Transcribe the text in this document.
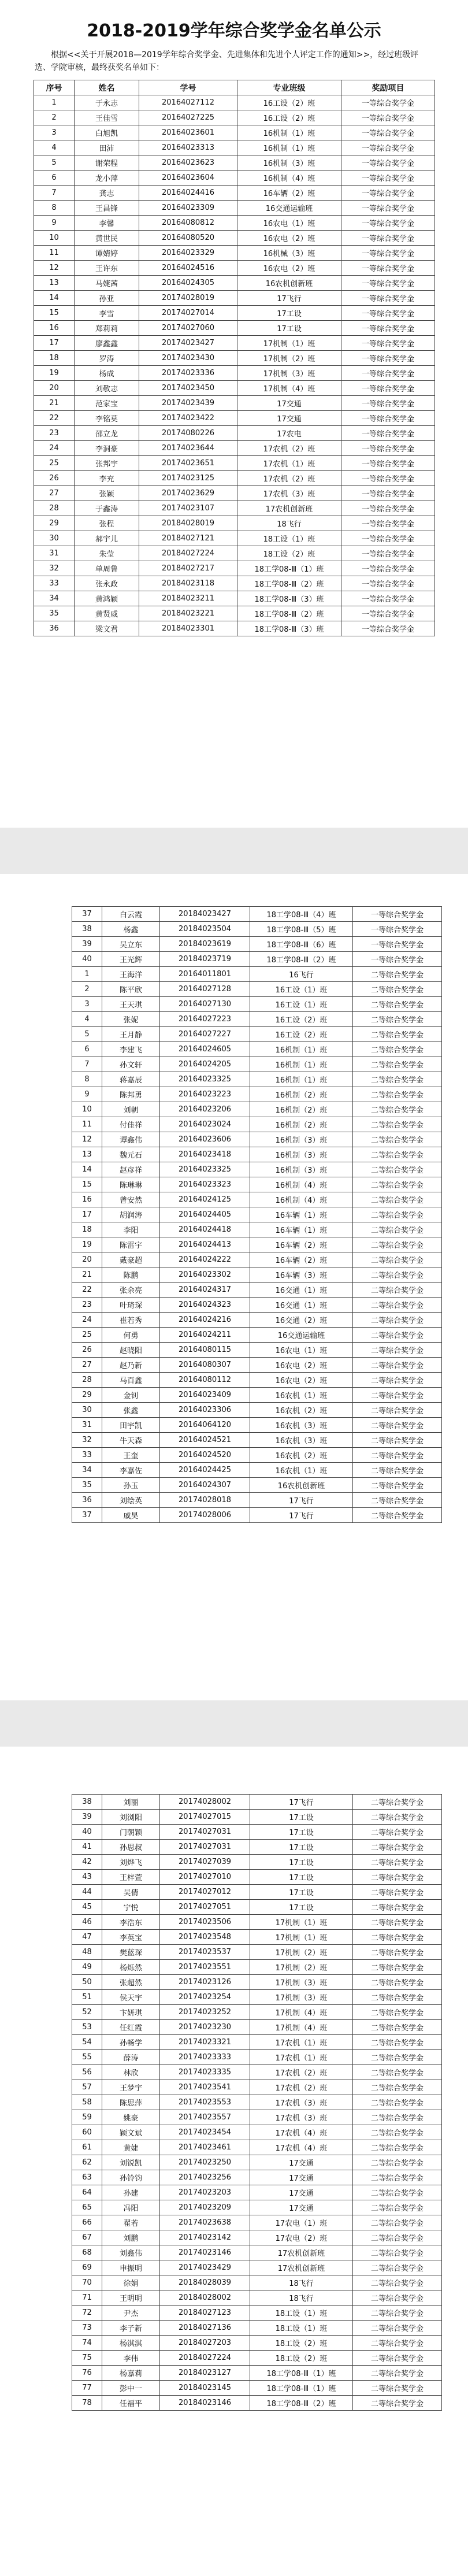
2018-2019学年综合奖学金名单公示

根据<<关于开展2018—2019学年综合奖学金、先进集体和先进个人评定工作的通知>>，经过班级评选、学院审核，最终获奖名单如下：

序号	姓名	学号	专业班级	奖励项目
1	于永志	20164027112	16工设（2）班	一等综合奖学金
2	王佳雪	20164027225	16工设（2）班	一等综合奖学金
3	白旭凯	20164023601	16机制（1）班	一等综合奖学金
4	田沛	20164023313	16机制（1）班	一等综合奖学金
5	谢荣程	20164023623	16机制（3）班	一等综合奖学金
6	龙小萍	20164023604	16机制（4）班	一等综合奖学金
7	龚志	20164024416	16车辆（2）班	一等综合奖学金
8	王昌锋	20164023309	16交通运输班	一等综合奖学金
9	李馨	20164080812	16农电（1）班	一等综合奖学金
10	黄世民	20164080520	16农电（2）班	一等综合奖学金
11	谭婧婷	20164023329	16机械（3）班	一等综合奖学金
12	王许东	20164024516	16农电（2）班	一等综合奖学金
13	马婕茜	20164024305	16农机创新班	一等综合奖学金
14	孙亚	20174028019	17飞行	一等综合奖学金
15	李雪	20174027014	17工设	一等综合奖学金
16	郑莉莉	20174027060	17工设	一等综合奖学金
17	廖鑫鑫	20174023427	17机制（1）班	一等综合奖学金
18	罗涛	20174023430	17机制（2）班	一等综合奖学金
19	杨成	20174023336	17机制（3）班	一等综合奖学金
20	刘敬志	20174023450	17机制（4）班	一等综合奖学金
21	范家宝	20174023439	17交通	一等综合奖学金
22	李铭莫	20174023422	17交通	一等综合奖学金
23	邵立龙	20174080226	17农电	一等综合奖学金
24	李洞豪	20174023644	17农机（2）班	一等综合奖学金
25	张邦宇	20174023651	17农机（1）班	一等综合奖学金
26	李充	20174023125	17农机（2）班	一等综合奖学金
27	张颖	20174023629	17农机（3）班	一等综合奖学金
28	于鑫涛	20174023107	17农机创新班	一等综合奖学金
29	张程	20184028019	18飞行	一等综合奖学金
30	郝宇儿	20184027121	18工设（1）班	一等综合奖学金
31	朱莹	20184027224	18工设（2）班	一等综合奖学金
32	单周鲁	20184027217	18工学08-Ⅲ（1）班	一等综合奖学金
33	张永政	20184023118	18工学08-Ⅲ（2）班	一等综合奖学金
34	黄鸿颖	20184023211	18工学08-Ⅲ（3）班	一等综合奖学金
35	黄贤威	20184023221	18工学08-Ⅲ（2）班	一等综合奖学金
36	梁文君	20184023301	18工学08-Ⅲ（3）班	一等综合奖学金
37	白云霞	20184023427	18工学08-Ⅲ（4）班	一等综合奖学金
38	杨鑫	20184023504	18工学08-Ⅲ（5）班	一等综合奖学金
39	吴立东	20184023619	18工学08-Ⅲ（6）班	一等综合奖学金
40	王光辉	20184023719	18工学08-Ⅲ（2）班	一等综合奖学金
1	王海洋	20164011801	16飞行	二等综合奖学金
2	陈平欣	20164027128	16工设（1）班	二等综合奖学金
3	王天琪	20164027130	16工设（1）班	二等综合奖学金
4	张妮	20164027223	16工设（2）班	二等综合奖学金
5	王月静	20164027227	16工设（2）班	二等综合奖学金
6	李建飞	20164024605	16机制（1）班	二等综合奖学金
7	孙文轩	20164024205	16机制（1）班	二等综合奖学金
8	蒋嘉辰	20164023325	16机制（1）班	二等综合奖学金
9	陈邦勇	20164023223	16机制（2）班	二等综合奖学金
10	刘朝	20164023206	16机制（2）班	二等综合奖学金
11	付佳祥	20164023024	16机制（2）班	二等综合奖学金
12	谭鑫伟	20164023606	16机制（3）班	二等综合奖学金
13	魏元石	20164023418	16机制（3）班	二等综合奖学金
14	赵彦祥	20164023325	16机制（3）班	二等综合奖学金
15	陈琳琳	20164023323	16机制（4）班	二等综合奖学金
16	曾安然	20164024125	16机制（4）班	二等综合奖学金
17	胡润涛	20164024405	16车辆（1）班	二等综合奖学金
18	李阳	20164024418	16车辆（1）班	二等综合奖学金
19	陈雷宇	20164024413	16车辆（2）班	二等综合奖学金
20	戴豪超	20164024222	16车辆（2）班	二等综合奖学金
21	陈鹏	20164023302	16车辆（3）班	二等综合奖学金
22	张余亮	20164024317	16交通（1）班	二等综合奖学金
23	叶琦琛	20164024323	16交通（1）班	二等综合奖学金
24	崔若秀	20164024216	16交通（2）班	二等综合奖学金
25	何勇	20164024211	16交通运输班	二等综合奖学金
26	赵晓阳	20164080115	16农电（1）班	二等综合奖学金
27	赵乃新	20164080307	16农电（2）班	二等综合奖学金
28	马百鑫	20164080112	16农电（2）班	二等综合奖学金
29	金钊	20164023409	16农机（1）班	二等综合奖学金
30	张鑫	20164023306	16农机（2）班	二等综合奖学金
31	田宇凯	20164064120	16农机（3）班	二等综合奖学金
32	牛天森	20164024521	16农机（3）班	二等综合奖学金
33	王奎	20164024520	16农机（2）班	二等综合奖学金
34	李嘉佐	20164024425	16农机（1）班	二等综合奖学金
35	孙玉	20164024307	16农机创新班	二等综合奖学金
36	刘绘英	20174028018	17飞行	二等综合奖学金
37	戚昊	20174028006	17飞行	二等综合奖学金
38	刘丽	20174028002	17飞行	二等综合奖学金
39	刘浏阳	20174027015	17工设	二等综合奖学金
40	门朝颖	20174027031	17工设	二等综合奖学金
41	孙思叔	20174027031	17工设	二等综合奖学金
42	刘烨飞	20174027039	17工设	二等综合奖学金
43	王梓萱	20174027010	17工设	二等综合奖学金
44	吴倩	20174027012	17工设	二等综合奖学金
45	宁悦	20174027051	17工设	二等综合奖学金
46	李浩东	20174023506	17机制（1）班	二等综合奖学金
47	李英宝	20174023548	17机制（1）班	二等综合奖学金
48	樊蓝琛	20174023537	17机制（2）班	二等综合奖学金
49	杨烁然	20174023551	17机制（2）班	二等综合奖学金
50	张超然	20174023126	17机制（3）班	二等综合奖学金
51	侯天宇	20174023254	17机制（3）班	二等综合奖学金
52	卞妍琪	20174023252	17机制（4）班	二等综合奖学金
53	任红霞	20174023230	17机制（4）班	二等综合奖学金
54	孙畅学	20174023321	17农机（1）班	二等综合奖学金
55	薛涛	20174023333	17农机（1）班	二等综合奖学金
56	林欣	20174023335	17农机（2）班	二等综合奖学金
57	王梦宇	20174023541	17农机（2）班	二等综合奖学金
58	陈思萍	20174023553	17农机（3）班	二等综合奖学金
59	姚豪	20174023557	17农机（3）班	二等综合奖学金
60	颖文斌	20174023454	17农机（4）班	二等综合奖学金
61	黄婕	20174023461	17农机（4）班	二等综合奖学金
62	刘锐凯	20174023250	17交通	二等综合奖学金
63	孙铃钧	20174023256	17交通	二等综合奖学金
64	孙建	20174023203	17交通	二等综合奖学金
65	冯阳	20174023209	17交通	二等综合奖学金
66	翟若	20174023638	17农电（1）班	二等综合奖学金
67	刘鹏	20174023142	17农电（2）班	二等综合奖学金
68	刘鑫伟	20174023146	17农机创新班	二等综合奖学金
69	申振明	20174023429	17农机创新班	二等综合奖学金
70	徐娟	20184028039	18飞行	二等综合奖学金
71	王明明	20184028002	18飞行	二等综合奖学金
72	尹杰	20184027123	18工设（1）班	二等综合奖学金
73	李子新	20184027136	18工设（1）班	二等综合奖学金
74	杨淇淇	20184027203	18工设（2）班	二等综合奖学金
75	李伟	20184027224	18工设（2）班	二等综合奖学金
76	杨嘉莉	20184023127	18工学08-Ⅲ（1）班	二等综合奖学金
77	彭中一	20184023145	18工学08-Ⅲ（1）班	二等综合奖学金
78	任福平	20184023146	18工学08-Ⅲ（2）班	二等综合奖学金
